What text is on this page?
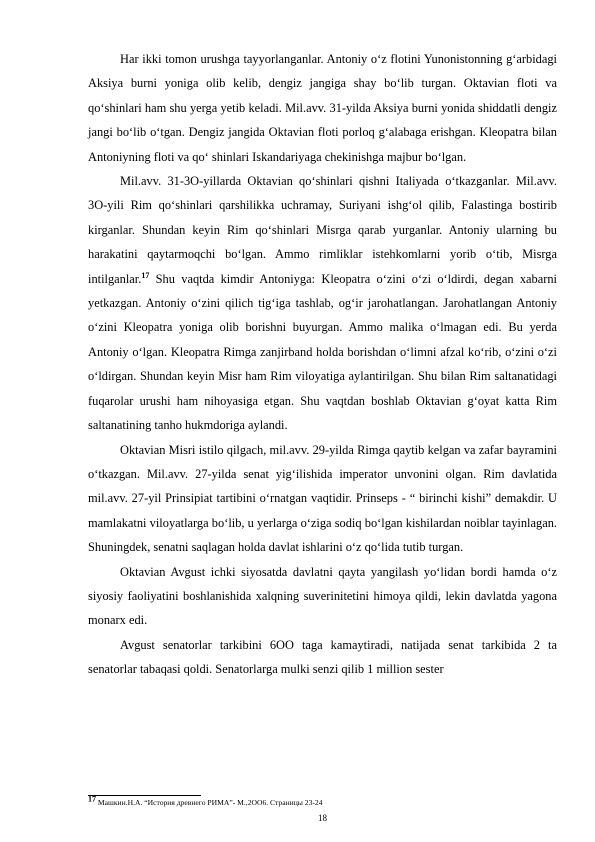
Har ikki tomon urushga tayyorlanganlar. Antoniy o‘z flotini Yunonistonning g‘arbidagi Aksiya burni yoniga olib kelib, dengiz jangiga shay bo‘lib turgan. Oktavian floti va qo‘shinlari ham shu yerga yetib keladi. Mil.avv. 31-yilda Aksiya burni yonida shiddatli dengiz jangi bo‘lib o‘tgan. Dengiz jangida Oktavian floti porloq g‘alabaga erishgan. Kleopatra bilan Antoniyning floti va qo‘ shinlari Iskandariyaga chekinishga majbur bo‘lgan.

Mil.avv. 31-3O-yillarda Oktavian qo‘shinlari qishni Italiyada o‘tkazganlar. Mil.avv. 3O-yili Rim qo‘shinlari qarshilikka uchramay, Suriyani ishg‘ol qilib, Falastinga bostirib kirganlar. Shundan keyin Rim qo‘shinlari Misrga qarab yurganlar. Antoniy ularning bu harakatini qaytarmoqchi bo‘lgan. Ammo rimliklar istehkomlarni yorib o‘tib, Misrga intilganlar.$^{17}$ Shu vaqtda kimdir Antoniyga: Kleopatra o‘zini o‘zi o‘ldirdi, degan xabarni yetkazgan. Antoniy o‘zini qilich tig‘iga tashlab, og‘ir jarohatlangan. Jarohatlangan Antoniy o‘zini Kleopatra yoniga olib borishni buyurgan. Ammo malika o‘lmagan edi. Bu yerda Antoniy o‘lgan. Kleopatra Rimga zanjirband holda borishdan o‘limni afzal ko‘rib, o‘zini o‘zi o‘ldirgan. Shundan keyin Misr ham Rim viloyatiga aylantirilgan. Shu bilan Rim saltanatidagi fuqarolar urushi ham nihoyasiga etgan. Shu vaqtdan boshlab Oktavian g‘oyat katta Rim saltanatining tanho hukmdoriga aylandi.

Oktavian Misri istilo qilgach, mil.avv. 29-yilda Rimga qaytib kelgan va zafar bayramini o‘tkazgan. Mil.avv. 27-yilda senat yig‘ilishida imperator unvonini olgan. Rim davlatida mil.avv. 27-yil Prinsipiat tartibini o‘rnatgan vaqtidir. Prinseps - “ birinchi kishi” demakdir. U mamlakatni viloyatlarga bo‘lib, u yerlarga o‘ziga sodiq bo‘lgan kishilardan noiblar tayinlagan. Shuningdek, senatni saqlagan holda davlat ishlarini o‘z qo‘lida tutib turgan.

Oktavian Avgust ichki siyosatda davlatni qayta yangilash yo‘lidan bordi hamda o‘z siyosiy faoliyatini boshlanishida xalqning suverinitetini himoya qildi, lekin davlatda yagona monarx edi.

Avgust senatorlar tarkibini 6OO taga kamaytiradi, natijada senat tarkibida 2 ta senatorlar tabaqasi qoldi. Senatorlarga mulki senzi qilib 1 million sester

$^{17}$ Машкин.Н.А. “История древнего РИМА”- М.,2ОО6. Страницы 23-24
18
